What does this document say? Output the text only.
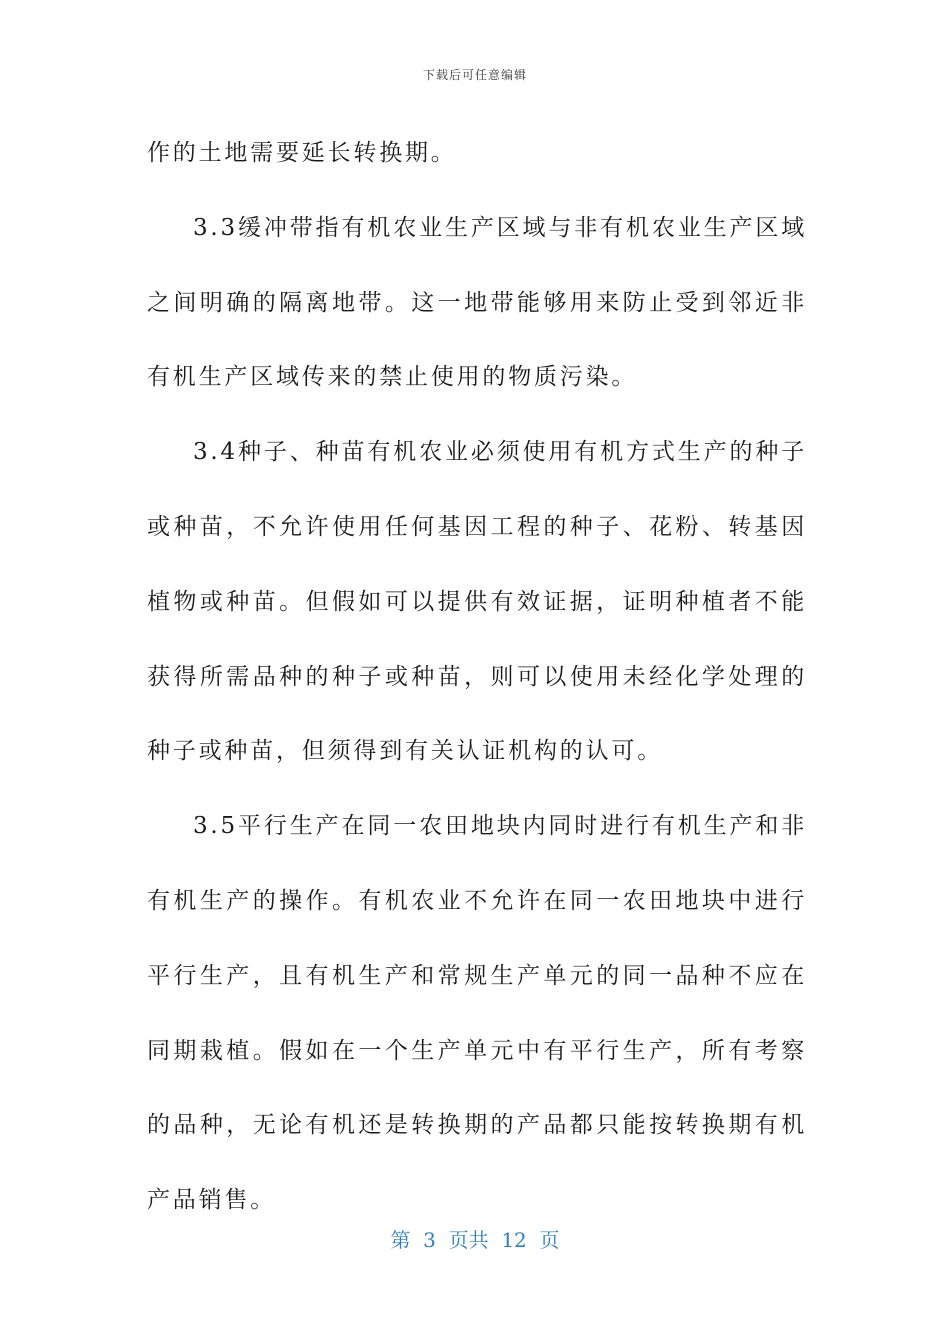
下载后可任意编辑

作的土地需要延长转换期。

3.3缓冲带指有机农业生产区域与非有机农业生产区域之间明确的隔离地带。这一地带能够用来防止受到邻近非有机生产区域传来的禁止使用的物质污染。

3.4种子、种苗有机农业必须使用有机方式生产的种子或种苗，不允许使用任何基因工程的种子、花粉、转基因植物或种苗。但假如可以提供有效证据，证明种植者不能获得所需品种的种子或种苗，则可以使用未经化学处理的种子或种苗，但须得到有关认证机构的认可。

3.5平行生产在同一农田地块内同时进行有机生产和非有机生产的操作。有机农业不允许在同一农田地块中进行平行生产，且有机生产和常规生产单元的同一品种不应在同期栽植。假如在一个生产单元中有平行生产，所有考察的品种，无论有机还是转换期的产品都只能按转换期有机产品销售。

第  3  页共  12  页
